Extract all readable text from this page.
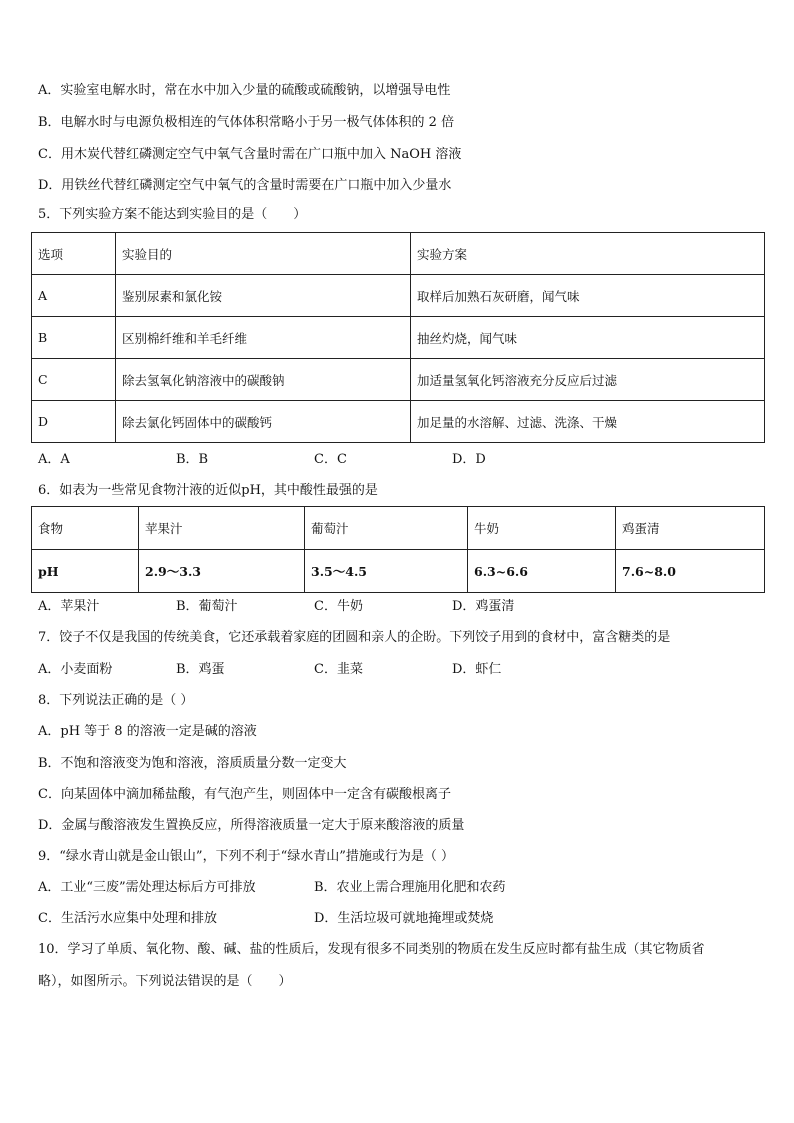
A．实验室电解水时，常在水中加入少量的硫酸或硫酸钠，以增强导电性
B．电解水时与电源负极相连的气体体积常略小于另一极气体体积的 2 倍
C．用木炭代替红磷测定空气中氧气含量时需在广口瓶中加入 NaOH 溶液
D．用铁丝代替红磷测定空气中氧气的含量时需要在广口瓶中加入少量水
5．下列实验方案不能达到实验目的是（　　）
选项	实验目的	实验方案
A	鉴别尿素和氯化铵	取样后加熟石灰研磨，闻气味
B	区别棉纤维和羊毛纤维	抽丝灼烧，闻气味
C	除去氢氧化钠溶液中的碳酸钠	加适量氢氧化钙溶液充分反应后过滤
D	除去氯化钙固体中的碳酸钙	加足量的水溶解、过滤、洗涤、干燥
A．A	B．B	C．C	D．D
6．如表为一些常见食物汁液的近似pH，其中酸性最强的是
食物	苹果汁	葡萄汁	牛奶	鸡蛋清
pH	2.9～3.3	3.5～4.5	6.3~6.6	7.6~8.0
A．苹果汁	B．葡萄汁	C．牛奶	D．鸡蛋清
7．饺子不仅是我国的传统美食，它还承载着家庭的团圆和亲人的企盼。下列饺子用到的食材中，富含糖类的是
A．小麦面粉	B．鸡蛋	C．韭菜	D．虾仁
8．下列说法正确的是（ ）
A．pH 等于 8 的溶液一定是碱的溶液
B．不饱和溶液变为饱和溶液，溶质质量分数一定变大
C．向某固体中滴加稀盐酸，有气泡产生，则固体中一定含有碳酸根离子
D．金属与酸溶液发生置换反应，所得溶液质量一定大于原来酸溶液的质量
9．“绿水青山就是金山银山”，下列不利于“绿水青山”措施或行为是（ ）
A．工业“三废”需处理达标后方可排放	B．农业上需合理施用化肥和农药
C．生活污水应集中处理和排放	D．生活垃圾可就地掩埋或焚烧
10．学习了单质、氧化物、酸、碱、盐的性质后，发现有很多不同类别的物质在发生反应时都有盐生成（其它物质省
略），如图所示。下列说法错误的是（　　）
